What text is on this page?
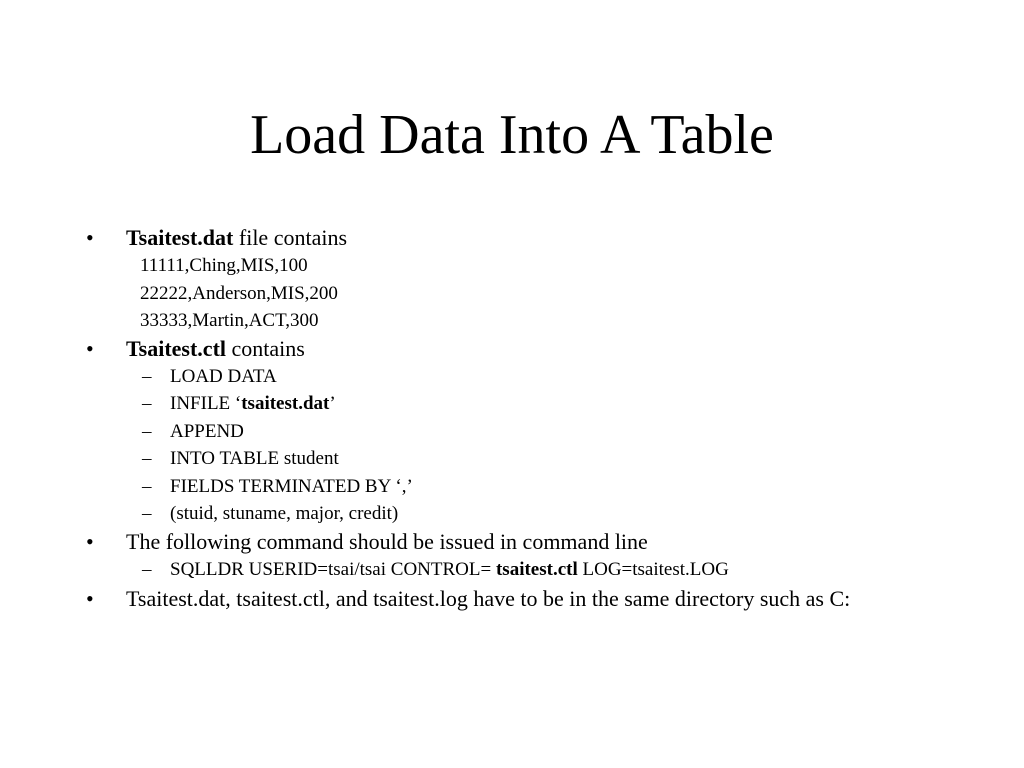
Load Data Into A Table
• Tsaitest.dat file contains
11111,Ching,MIS,100
22222,Anderson,MIS,200
33333,Martin,ACT,300
• Tsaitest.ctl contains
– LOAD DATA
– INFILE ‘tsaitest.dat’
– APPEND
– INTO TABLE student
– FIELDS TERMINATED BY ‘,’
– (stuid, stuname, major, credit)
• The following command should be issued in command line
– SQLLDR USERID=tsai/tsai CONTROL= tsaitest.ctl LOG=tsaitest.LOG
• Tsaitest.dat, tsaitest.ctl, and tsaitest.log have to be in the same directory such as C:
